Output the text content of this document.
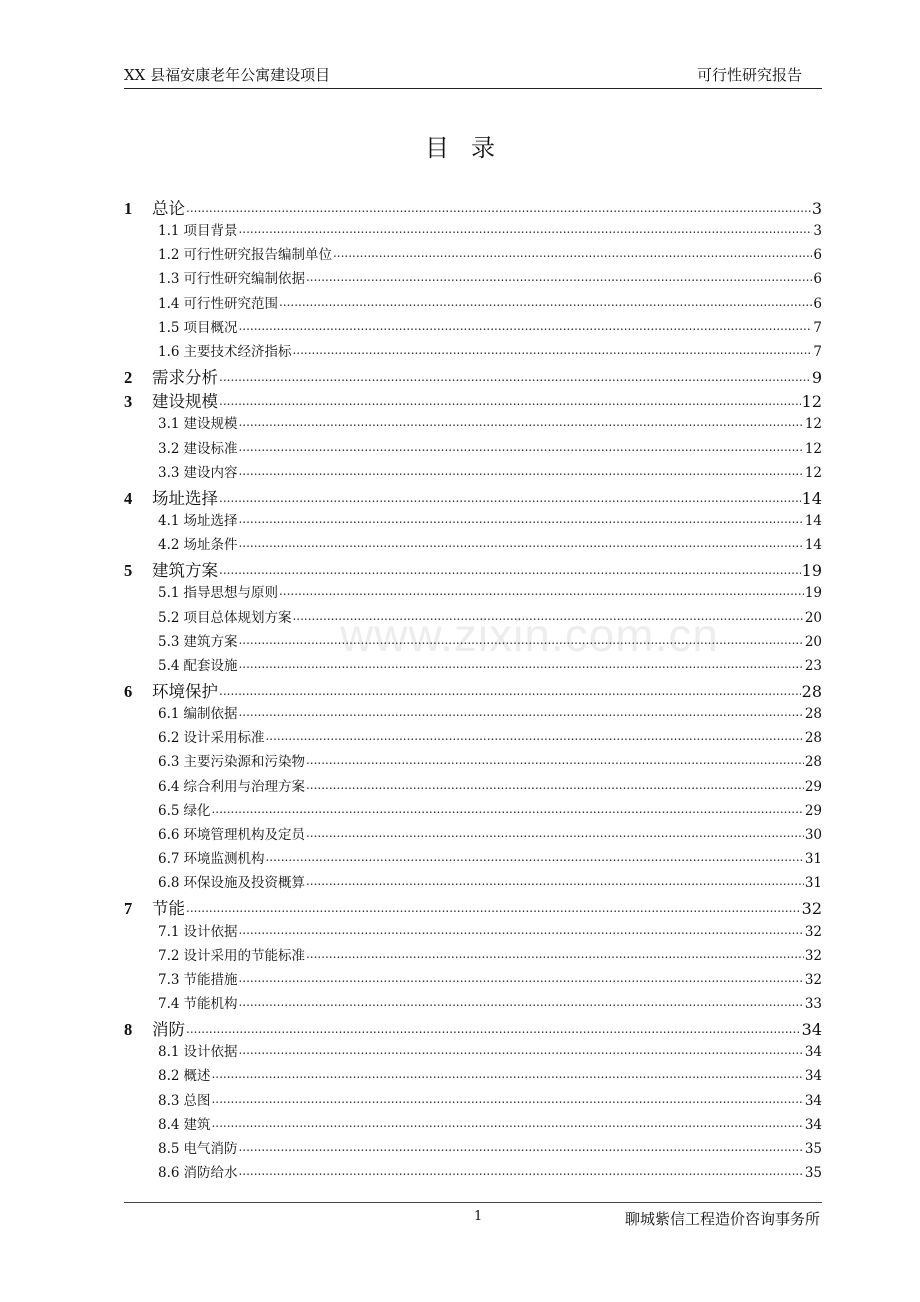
XX 县福安康老年公寓建设项目	可行性研究报告
目录
www.zixin.com.cn
1	总论 .....	3
1.1 项目背景 .....	3
1.2 可行性研究报告编制单位 .....	6
1.3 可行性研究编制依据 .....	6
1.4 可行性研究范围 .....	6
1.5 项目概况 .....	7
1.6 主要技术经济指标 .....	7
2	需求分析 .....	9
3	建设规模 .....	12
3.1 建设规模 .....	12
3.2 建设标准 .....	12
3.3 建设内容 .....	12
4	场址选择 .....	14
4.1 场址选择 .....	14
4.2 场址条件 .....	14
5	建筑方案 .....	19
5.1 指导思想与原则 .....	19
5.2 项目总体规划方案 .....	20
5.3 建筑方案 .....	20
5.4 配套设施 .....	23
6	环境保护 .....	28
6.1 编制依据 .....	28
6.2 设计采用标准 .....	28
6.3 主要污染源和污染物 .....	28
6.4 综合利用与治理方案 .....	29
6.5 绿化 .....	29
6.6 环境管理机构及定员 .....	30
6.7 环境监测机构 .....	31
6.8 环保设施及投资概算 .....	31
7	节能 .....	32
7.1 设计依据 .....	32
7.2 设计采用的节能标准 .....	32
7.3 节能措施 .....	32
7.4 节能机构 .....	33
8	消防 .....	34
8.1 设计依据 .....	34
8.2 概述 .....	34
8.3 总图 .....	34
8.4 建筑 .....	34
8.5 电气消防 .....	35
8.6 消防给水 .....	35
1	聊城紫信工程造价咨询事务所
